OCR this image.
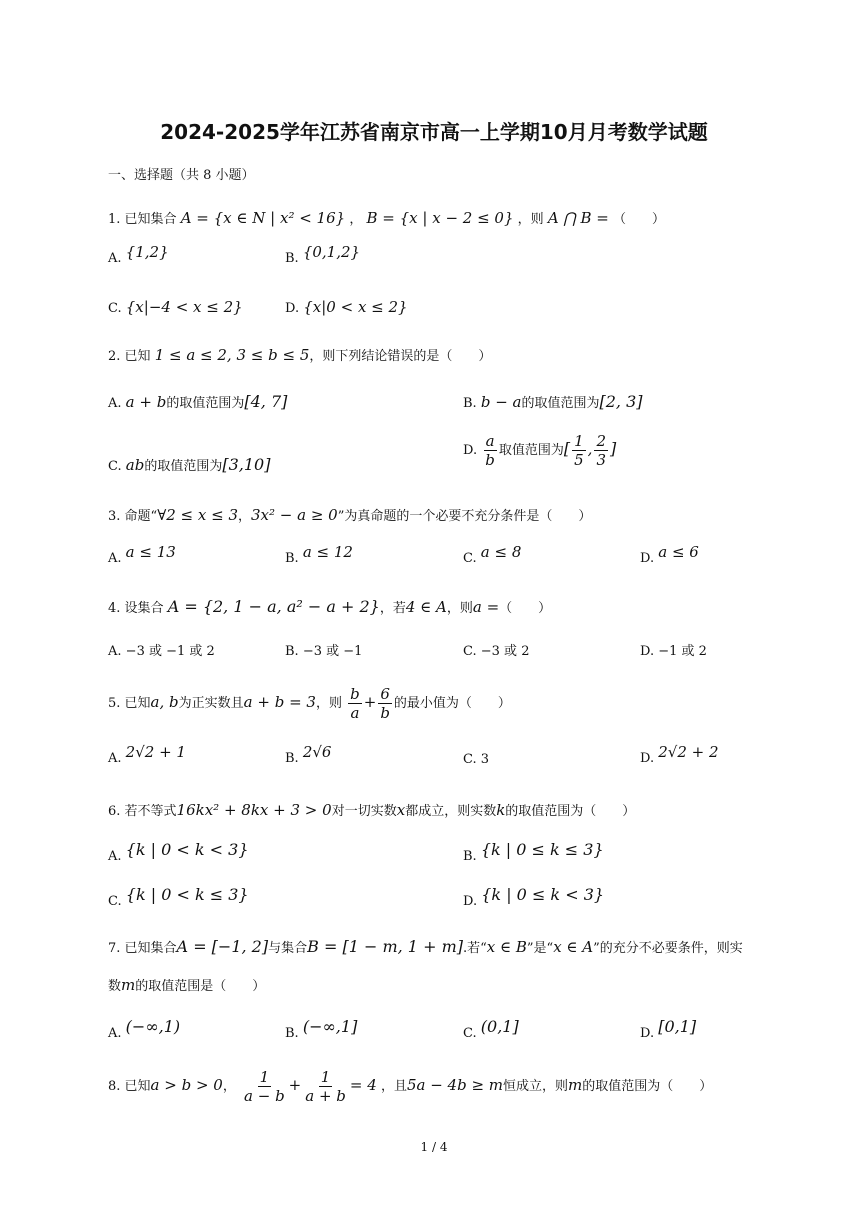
2024-2025学年江苏省南京市高一上学期10月月考数学试题
一、选择题（共 8 小题）
1. 已知集合 A = {x ∈ N | x² < 16} ， B = {x | x − 2 ≤ 0} ，则 A ⋂ B = （　　）
A. {1,2}	B. {0,1,2}
C. {x|−4 < x ≤ 2}	D. {x|0 < x ≤ 2}
2. 已知 1 ≤ a ≤ 2, 3 ≤ b ≤ 5，则下列结论错误的是（　　）
A. a + b的取值范围为[4, 7]	B. b − a的取值范围为[2, 3]
C. ab的取值范围为[3,10]
D. $\frac{a}{b}$ 取值范围为[ $\frac{1}{5}$ , $\frac{2}{3}$ ]
3. 命题“∀2 ≤ x ≤ 3，3x² − a ≥ 0”为真命题的一个必要不充分条件是（　　）
A. a ≤ 13	B. a ≤ 12	C. a ≤ 8	D. a ≤ 6
4. 设集合 A = {2, 1 − a, a² − a + 2}，若4 ∈ A，则a =（　　）
A. −3 或 −1 或 2	B. −3 或 −1	C. −3 或 2	D. −1 或 2
5. 已知a, b为正实数且a + b = 3，则 $\frac{b}{a} + \frac{6}{b}$ 的最小值为（　　）
A. 2√2 + 1	B. 2√6	C. 3	D. 2√2 + 2
6. 若不等式16kx² + 8kx + 3 > 0对一切实数x都成立，则实数k的取值范围为（　　）
A. {k | 0 < k < 3}	B. {k | 0 ≤ k ≤ 3}
C. {k | 0 < k ≤ 3}	D. {k | 0 ≤ k < 3}
7. 已知集合A = [−1, 2]与集合B = [1 − m, 1 + m].若“x ∈ B”是“x ∈ A”的充分不必要条件，则实
数m的取值范围是（　　）
A. (−∞,1)	B. (−∞,1]	C. (0,1]	D. [0,1]
8. 已知a > b > 0， $\frac{1}{a - b} + \frac{1}{a + b} = 4$ ，且5a − 4b ≥ m恒成立，则m的取值范围为（　　）
1 / 4
